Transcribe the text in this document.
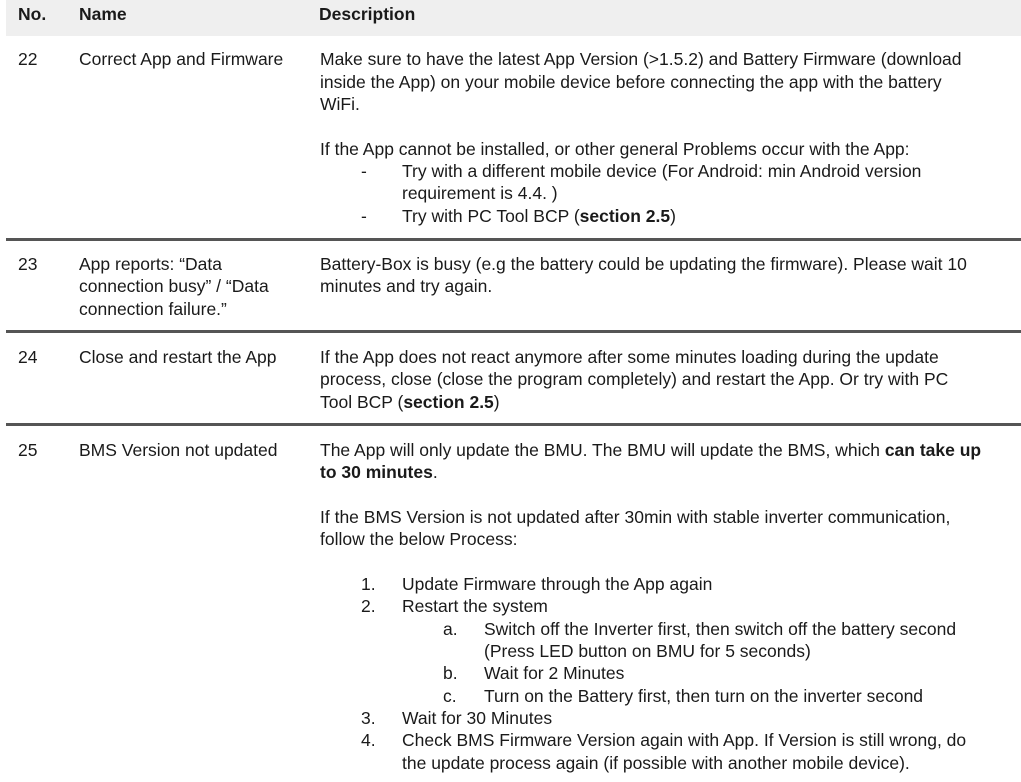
No. Name	Description
22 Correct App and Firmware Make sure to have the latest App Version (>1.5.2) and Battery Firmware (download
inside the App) on your mobile device before connecting the app with the battery
WiFi.
If the App cannot be installed, or other general Problems occur with the App:
- Try with a different mobile device (For Android: min Android version
requirement is 4.4. )
- Try with PC Tool BCP (section 2.5)
23 App reports: “Data
connection busy” / “Data
connection failure.”
Battery-Box is busy (e.g the battery could be updating the firmware). Please wait 10
minutes and try again.
24 Close and restart the App If the App does not react anymore after some minutes loading during the update
process, close (close the program completely) and restart the App. Or try with PC
Tool BCP (section 2.5)
25 BMS Version not updated The App will only update the BMU. The BMU will update the BMS, which can take up
to 30 minutes.
If the BMS Version is not updated after 30min with stable inverter communication,
follow the below Process:
1. Update Firmware through the App again
2. Restart the system
a. Switch off the Inverter first, then switch off the battery second
(Press LED button on BMU for 5 seconds)
b. Wait for 2 Minutes
c. Turn on the Battery first, then turn on the inverter second
3. Wait for 30 Minutes
4. Check BMS Firmware Version again with App. If Version is still wrong, do
the update process again (if possible with another mobile device).
